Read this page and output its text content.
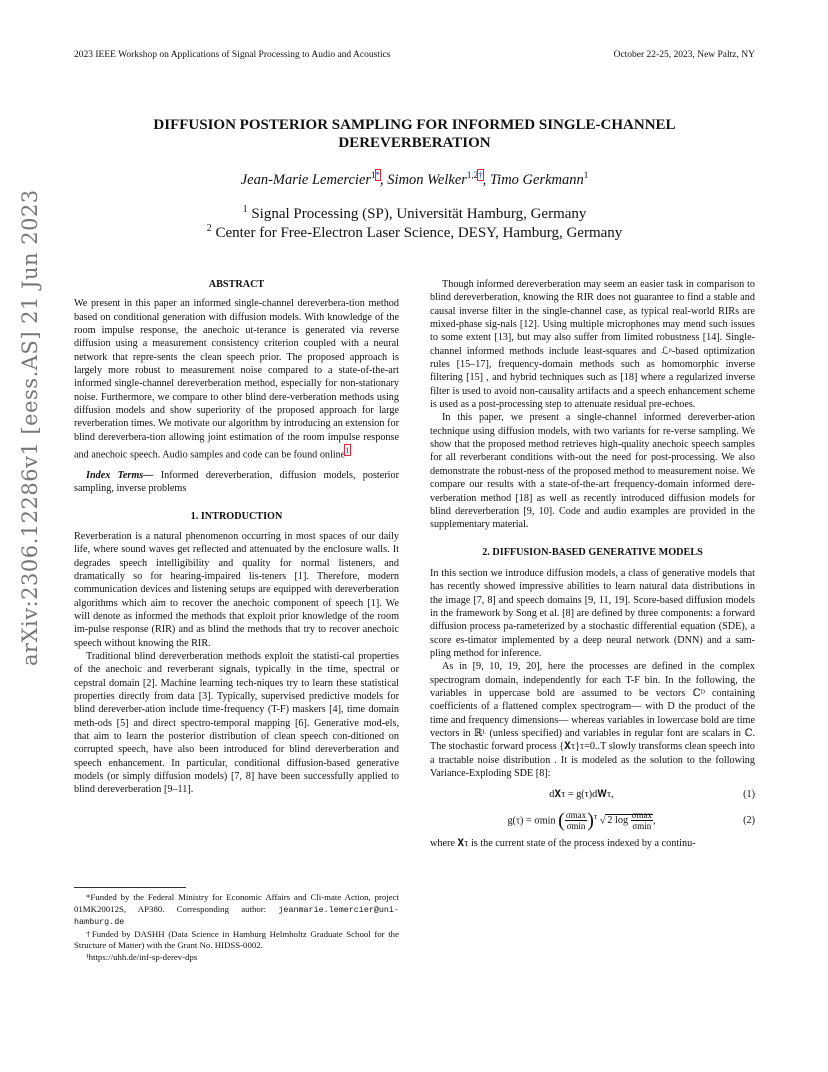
2023 IEEE Workshop on Applications of Signal Processing to Audio and Acoustics	October 22-25, 2023, New Paltz, NY
DIFFUSION POSTERIOR SAMPLING FOR INFORMED SINGLE-CHANNEL
DEREVERBERATION
Jean-Marie Lemercier$^{1*}$, Simon Welker$^{1,2\dagger}$, Timo Gerkmann$^1$
$^1$ Signal Processing (SP), Universität Hamburg, Germany
$^2$ Center for Free-Electron Laser Science, DESY, Hamburg, Germany
arXiv:2306.12286v1 [eess.AS] 21 Jun 2023	ABSTRACT

We present in this paper an informed single-channel dereverbera-tion method based on conditional generation with diffusion models. With knowledge of the room impulse response, the anechoic ut-terance is generated via reverse diffusion using a measurement consistency criterion coupled with a neural network that repre-sents the clean speech prior. The proposed approach is largely more robust to measurement noise compared to a state-of-the-art informed single-channel dereverberation method, especially for non-stationary noise. Furthermore, we compare to other blind dere-verberation methods using diffusion models and show superiority of the proposed approach for large reverberation times. We motivate our algorithm by introducing an extension for blind dereverbera-tion allowing joint estimation of the room impulse response and anechoic speech. Audio samples and code can be found online$^1$

Index Terms— Informed dereverberation, diffusion models, posterior sampling, inverse problems

1. INTRODUCTION

Reverberation is a natural phenomenon occurring in most spaces of our daily life, where sound waves get reflected and attenuated by the enclosure walls. It degrades speech intelligibility and quality for normal listeners, and dramatically so for hearing-impaired lis-teners [1]. Therefore, modern communication devices and listening setups are equipped with dereverberation algorithms which aim to recover the anechoic component of speech [1]. We will denote as informed the methods that exploit prior knowledge of the room im-pulse response (RIR) and as blind the methods that try to recover anechoic speech without knowing the RIR.

Traditional blind dereverberation methods exploit the statisti-cal properties of the anechoic and reverberant signals, typically in the time, spectral or cepstral domain [2]. Machine learning tech-niques try to learn these statistical properties directly from data [3]. Typically, supervised predictive models for blind dereverber-ation include time-frequency (T-F) maskers [4], time domain meth-ods [5] and direct spectro-temporal mapping [6]. Generative mod-els, that aim to learn the posterior distribution of clean speech con-ditioned on corrupted speech, have also been introduced for blind dereverberation and speech enhancement. In particular, conditional diffusion-based generative models (or simply diffusion models) [7, 8] have been successfully applied to blind dereverberation [9–11].

*Funded by the Federal Ministry for Economic Affairs and Cli-mate Action, project 01MK20012S, AP380. Corresponding author: jeanmarie.lemercier@uni-hamburg.de

†Funded by DASHH (Data Science in Hamburg Helmholtz Graduate School for the Structure of Matter) with the Grant No. HIDSS-0002.

¹https://uhh.de/inf-sp-derev-dps

Though informed dereverberation may seem an easier task in comparison to blind dereverberation, knowing the RIR does not guarantee to find a stable and causal inverse filter in the single-channel case, as typical real-world RIRs are mixed-phase sig-nals [12]. Using multiple microphones may mend such issues to some extent [13], but may also suffer from limited robustness [14]. Single-channel informed methods include least-squares and ℒᵖ-based optimization rules [15–17], frequency-domain methods such as homomorphic inverse filtering [15] , and hybrid techniques such as [18] where a regularized inverse filter is used to avoid non-causality artifacts and a speech enhancement scheme is used as a post-processing step to attenuate residual pre-echoes.

In this paper, we present a single-channel informed dereverber-ation technique using diffusion models, with two variants for re-verse sampling. We show that the proposed method retrieves high-quality anechoic speech samples for all reverberant conditions with-out the need for post-processing. We also demonstrate the robust-ness of the proposed method to measurement noise. We compare our results with a state-of-the-art frequency-domain informed dere-verberation method [18] as well as recently introduced diffusion models for blind dereverberation [9, 10]. Code and audio examples are provided in the supplementary material.

2. DIFFUSION-BASED GENERATIVE MODELS

In this section we introduce diffusion models, a class of generative models that has recently showed impressive abilities to learn natural data distributions in the image [7, 8] and speech domains [9, 11, 19]. Score-based diffusion models in the framework by Song et al. [8] are defined by three components: a forward diffusion process pa-rameterized by a stochastic differential equation (SDE), a score es-timator implemented by a deep neural network (DNN) and a sam-pling method for inference.

As in [9, 10, 19, 20], here the processes are defined in the complex spectrogram domain, independently for each T-F bin. In the following, the variables in uppercase bold are assumed to be vectors ℂᴰ containing coefficients of a flattened complex spectrogram— with D the product of the time and frequency dimensions— whereas variables in lowercase bold are time vectors in ℝᴸ (unless specified) and variables in regular font are scalars in ℂ. The stochastic forward process {𝐗τ}τ=0..T slowly transforms clean speech into a tractable noise distribution . It is modeled as the solution to the following Variance-Exploding SDE [8]:

d𝐗τ = g(τ)d𝐖τ,	(1)
g(τ) = σmin ( $\frac{\sigma\max}{\sigma\min} )^\tau$ √ 2 $\log \frac{\sigma\max}{\sigma\min}$ ,	(2)

where 𝐗τ is the current state of the process indexed by a continu-
